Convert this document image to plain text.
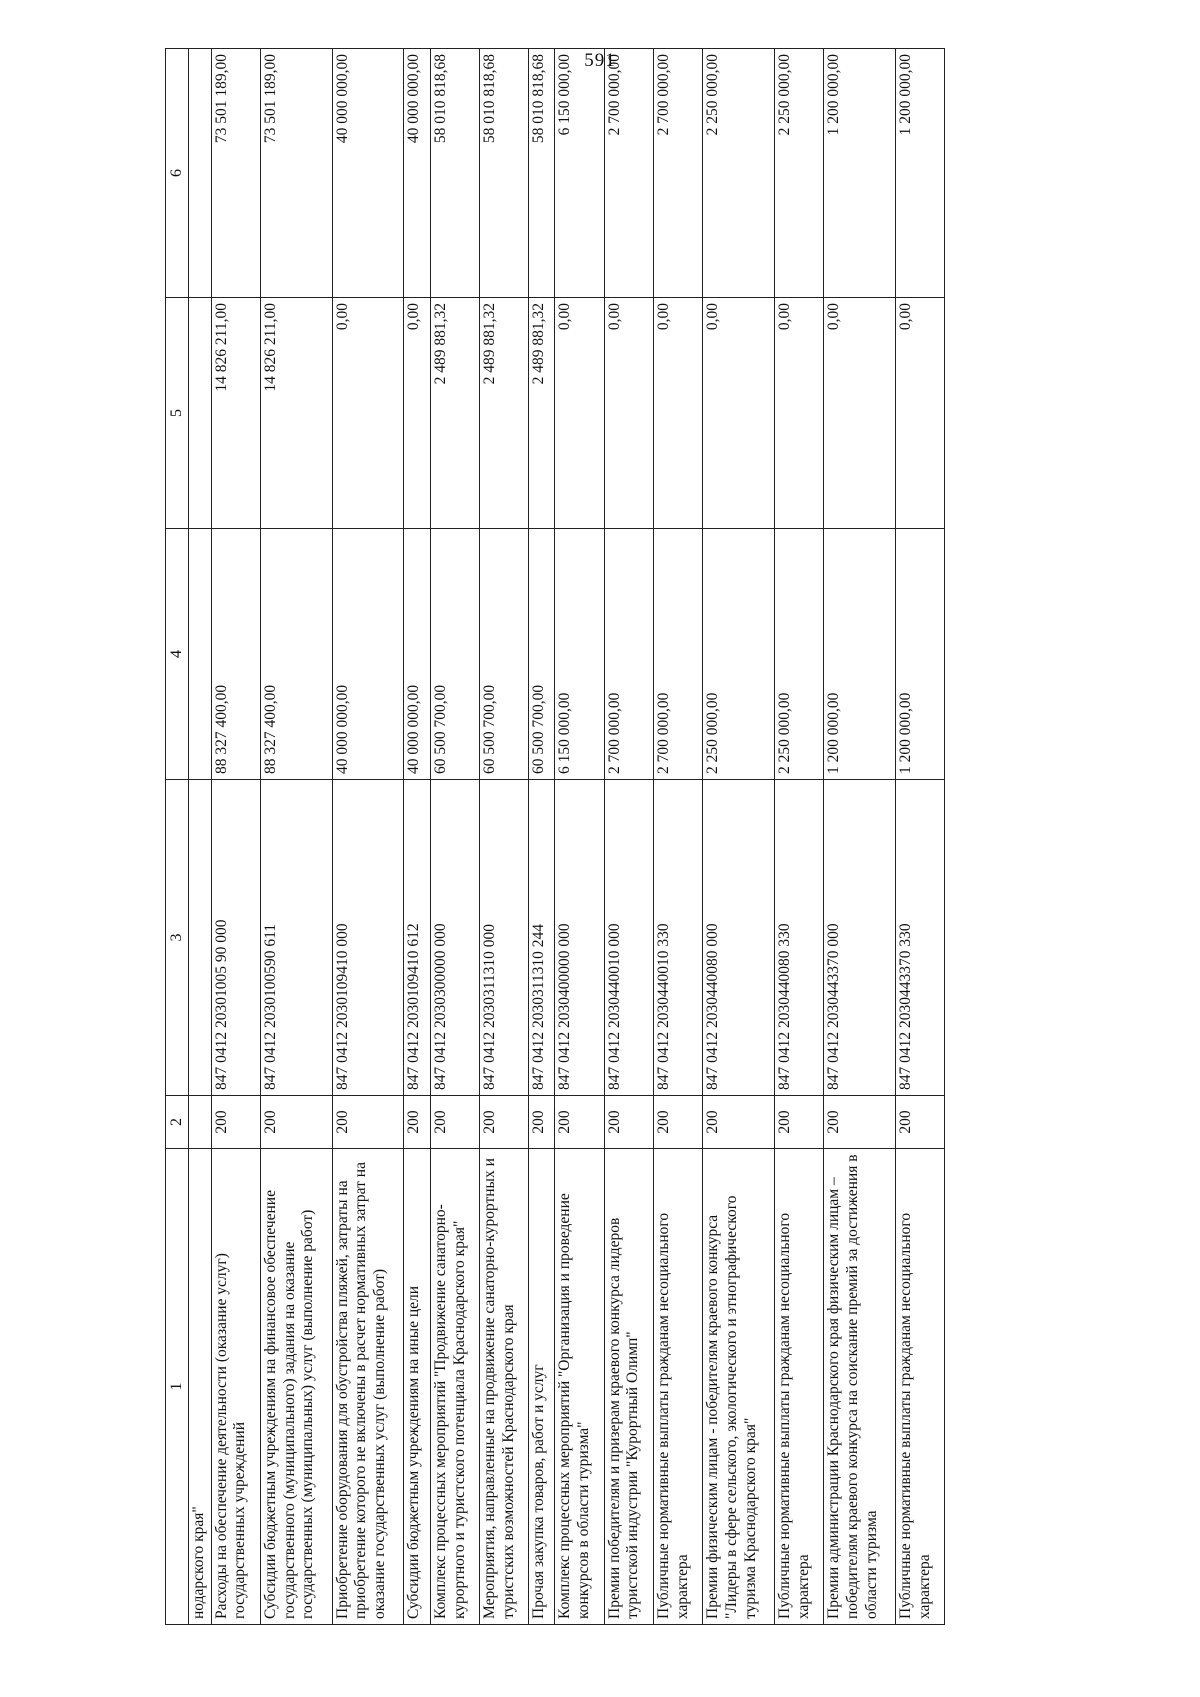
591
1	2	3	4	5	6
нодарского края"					
Расходы на обеспечение деятельности (оказание услуг) государственных учреждений	200	847 0412 20301005 90 000	88 327 400,00	14 826 211,00	73 501 189,00
Субсидии бюджетным учреждениям на финансовое обеспечение государственного (муниципального) задания на оказание государственных (муниципальных) услуг (выполнение работ)	200	847 0412 2030100590 611	88 327 400,00	14 826 211,00	73 501 189,00
Приобретение оборудования для обустройства пляжей, затраты на приобретение которого не включены в расчет нормативных затрат на оказание государственных услуг (выполнение работ)	200	847 0412 2030109410 000	40 000 000,00	0,00	40 000 000,00
Субсидии бюджетным учреждениям на иные цели	200	847 0412 2030109410 612	40 000 000,00	0,00	40 000 000,00
Комплекс процессных мероприятий "Продвижение санаторно-курортного и туристского потенциала Краснодарского края"	200	847 0412 2030300000 000	60 500 700,00	2 489 881,32	58 010 818,68
Мероприятия, направленные на продвижение санаторно-курортных и туристских возможностей Краснодарского края	200	847 0412 2030311310 000	60 500 700,00	2 489 881,32	58 010 818,68
Прочая закупка товаров, работ и услуг	200	847 0412 2030311310 244	60 500 700,00	2 489 881,32	58 010 818,68
Комплекс процессных мероприятий "Организация и проведение конкурсов в области туризма"	200	847 0412 2030400000 000	6 150 000,00	0,00	6 150 000,00
Премии победителям и призерам краевого конкурса лидеров туристской индустрии "Курортный Олимп"	200	847 0412 2030440010 000	2 700 000,00	0,00	2 700 000,00
Публичные нормативные выплаты гражданам несоциального характера	200	847 0412 2030440010 330	2 700 000,00	0,00	2 700 000,00
Премии физическим лицам - победителям краевого конкурса "Лидеры в сфере сельского, экологического и этнографического туризма Краснодарского края"	200	847 0412 2030440080 000	2 250 000,00	0,00	2 250 000,00
Публичные нормативные выплаты гражданам несоциального характера	200	847 0412 2030440080 330	2 250 000,00	0,00	2 250 000,00
Премии администрации Краснодарского края физическим лицам – победителям краевого конкурса на соискание премий за достижения в области туризма	200	847 0412 2030443370 000	1 200 000,00	0,00	1 200 000,00
Публичные нормативные выплаты гражданам несоциального характера	200	847 0412 2030443370 330	1 200 000,00	0,00	1 200 000,00
